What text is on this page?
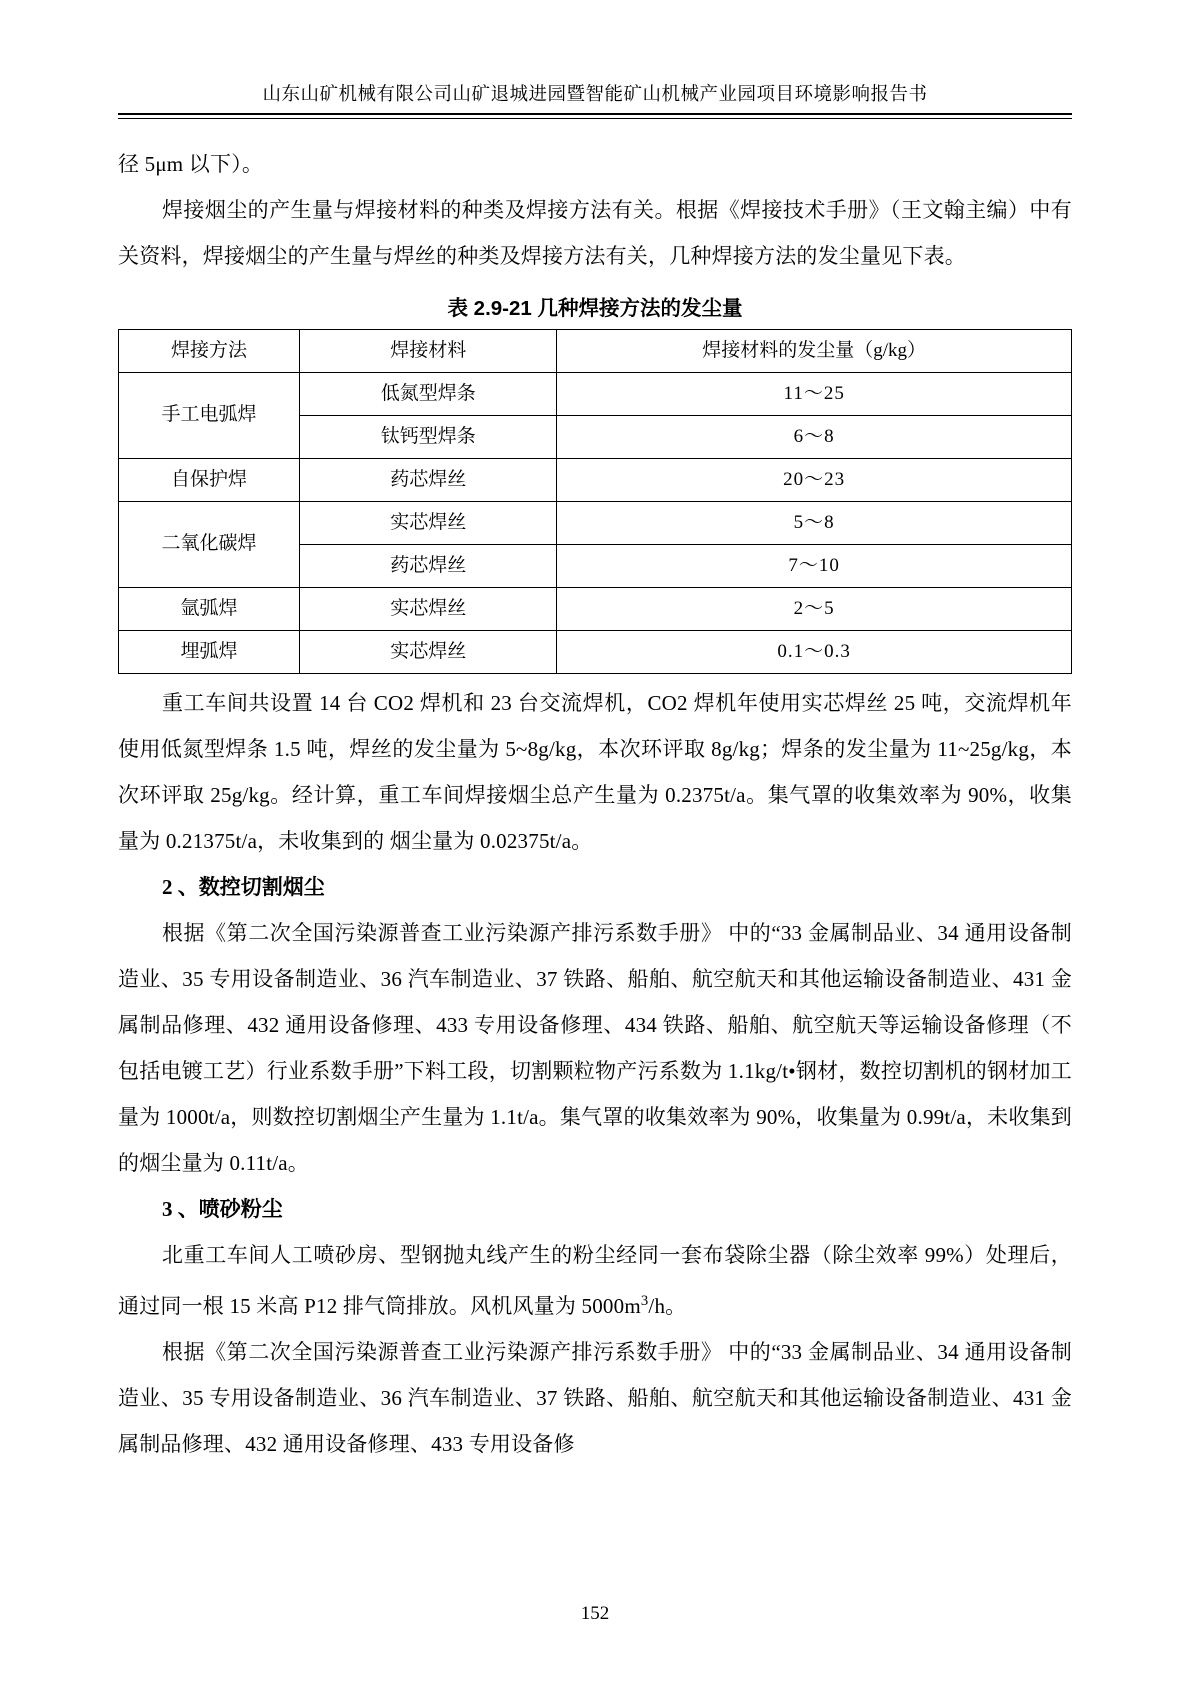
山东山矿机械有限公司山矿退城进园暨智能矿山机械产业园项目环境影响报告书

径 5μm 以下）。

焊接烟尘的产生量与焊接材料的种类及焊接方法有关。根据《焊接技术手册》（王文翰主编）中有关资料，焊接烟尘的产生量与焊丝的种类及焊接方法有关，几种焊接方法的发尘量见下表。

表 2.9-21 几种焊接方法的发尘量
焊接方法	焊接材料	焊接材料的发尘量（g/kg）
手工电弧焊	低氮型焊条	11～25
	钛钙型焊条	6～8
自保护焊	药芯焊丝	20～23
二氧化碳焊	实芯焊丝	5～8
	药芯焊丝	7～10
氩弧焊	实芯焊丝	2～5
埋弧焊	实芯焊丝	0.1～0.3

重工车间共设置 14 台 CO2 焊机和 23 台交流焊机，CO2 焊机年使用实芯焊丝 25 吨，交流焊机年使用低氮型焊条 1.5 吨，焊丝的发尘量为 5~8g/kg，本次环评取 8g/kg；焊条的发尘量为 11~25g/kg，本次环评取 25g/kg。经计算，重工车间焊接烟尘总产生量为 0.2375t/a。集气罩的收集效率为 90%，收集量为 0.21375t/a，未收集到的 烟尘量为 0.02375t/a。

2 、数控切割烟尘

根据《第二次全国污染源普查工业污染源产排污系数手册》 中的“33 金属制品业、34 通用设备制造业、35 专用设备制造业、36 汽车制造业、37 铁路、船舶、航空航天和其他运输设备制造业、431 金属制品修理、432 通用设备修理、433 专用设备修理、434 铁路、船舶、航空航天等运输设备修理（不包括电镀工艺）行业系数手册”下料工段，切割颗粒物产污系数为 1.1kg/t•钢材，数控切割机的钢材加工量为 1000t/a，则数控切割烟尘产生量为 1.1t/a。集气罩的收集效率为 90%，收集量为 0.99t/a，未收集到的烟尘量为 0.11t/a。

3 、喷砂粉尘

北重工车间人工喷砂房、型钢抛丸线产生的粉尘经同一套布袋除尘器（除尘效率 99%）处理后，通过同一根 15 米高 P12 排气筒排放。风机风量为 $5000m^3/h$。

根据《第二次全国污染源普查工业污染源产排污系数手册》 中的“33 金属制品业、34 通用设备制造业、35 专用设备制造业、36 汽车制造业、37 铁路、船舶、航空航天和其他运输设备制造业、431 金属制品修理、432 通用设备修理、433 专用设备修

152
